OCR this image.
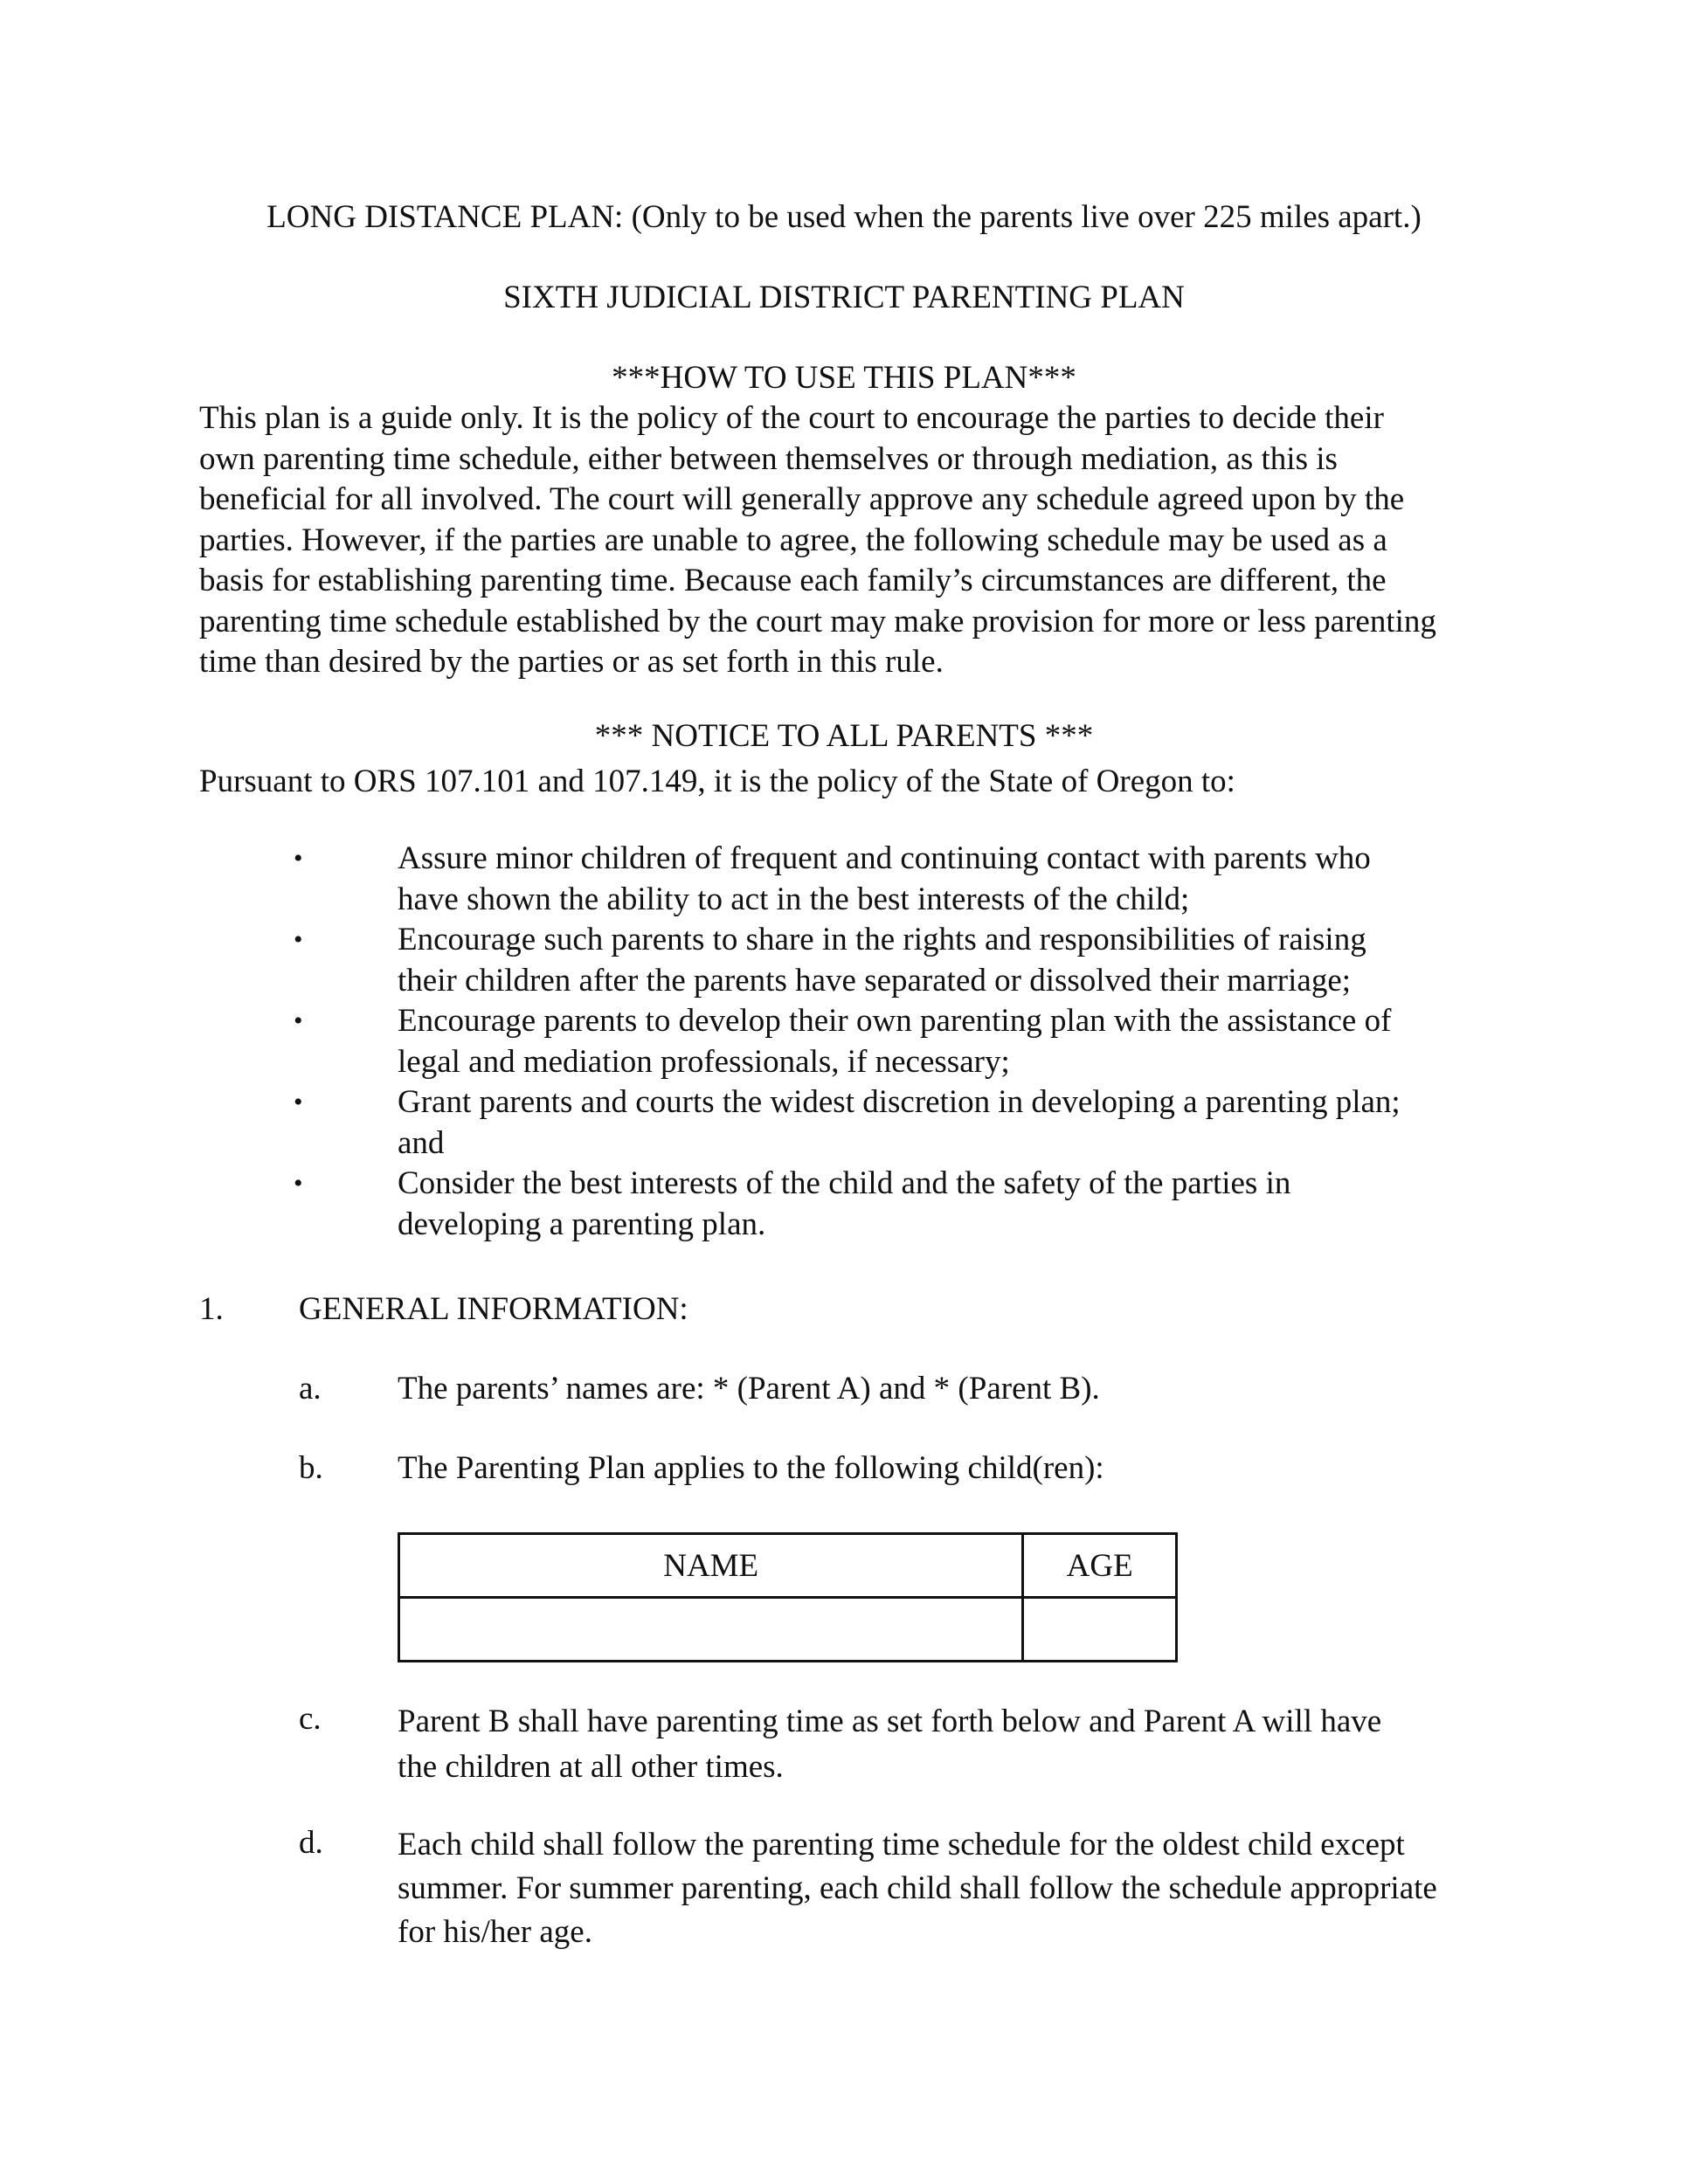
LONG DISTANCE PLAN: (Only to be used when the parents live over 225 miles apart.)
SIXTH JUDICIAL DISTRICT PARENTING PLAN
***HOW TO USE THIS PLAN***
This plan is a guide only. It is the policy of the court to encourage the parties to decide their
own parenting time schedule, either between themselves or through mediation, as this is
beneficial for all involved. The court will generally approve any schedule agreed upon by the
parties. However, if the parties are unable to agree, the following schedule may be used as a
basis for establishing parenting time. Because each family’s circumstances are different, the
parenting time schedule established by the court may make provision for more or less parenting
time than desired by the parties or as set forth in this rule.
*** NOTICE TO ALL PARENTS ***
Pursuant to ORS 107.101 and 107.149, it is the policy of the State of Oregon to:
•	Assure minor children of frequent and continuing contact with parents who
have shown the ability to act in the best interests of the child;
•	Encourage such parents to share in the rights and responsibilities of raising
their children after the parents have separated or dissolved their marriage;
•	Encourage parents to develop their own parenting plan with the assistance of
legal and mediation professionals, if necessary;
•	Grant parents and courts the widest discretion in developing a parenting plan;
and
•	Consider the best interests of the child and the safety of the parties in
developing a parenting plan.
1. GENERAL INFORMATION:
a. The parents’ names are: * (Parent A) and * (Parent B).
b. The Parenting Plan applies to the following child(ren):
NAME	AGE

c. Parent B shall have parenting time as set forth below and Parent A will have
the children at all other times.
d. Each child shall follow the parenting time schedule for the oldest child except
summer. For summer parenting, each child shall follow the schedule appropriate
for his/her age.
